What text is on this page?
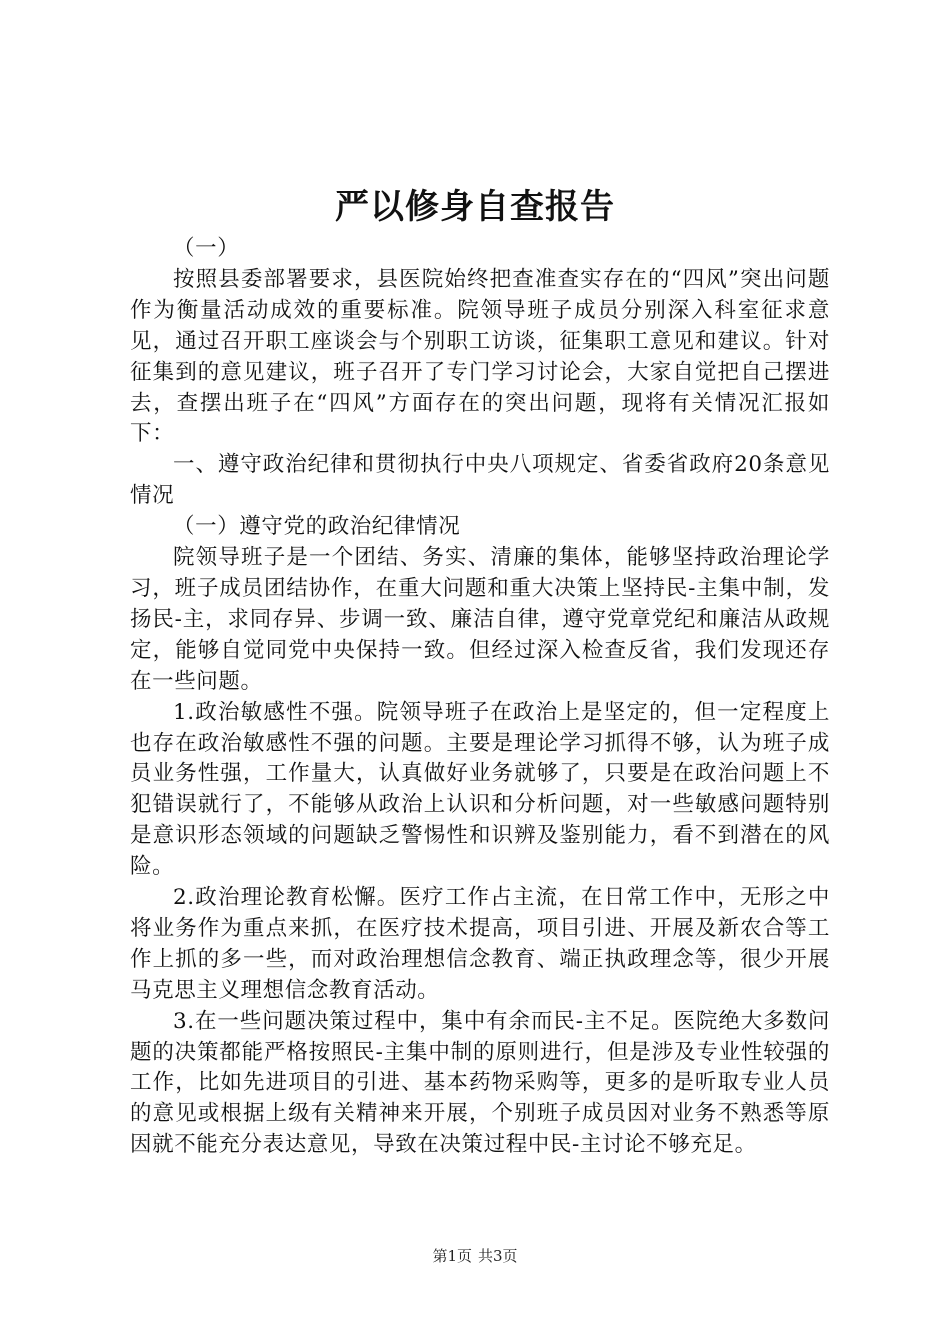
严以修身自查报告

（一）

按照县委部署要求，县医院始终把查准查实存在的“四风”突出问题作为衡量活动成效的重要标准。院领导班子成员分别深入科室征求意见，通过召开职工座谈会与个别职工访谈，征集职工意见和建议。针对征集到的意见建议，班子召开了专门学习讨论会，大家自觉把自己摆进去，查摆出班子在“四风”方面存在的突出问题，现将有关情况汇报如下：

一、遵守政治纪律和贯彻执行中央八项规定、省委省政府20条意见情况

（一）遵守党的政治纪律情况

院领导班子是一个团结、务实、清廉的集体，能够坚持政治理论学习，班子成员团结协作，在重大问题和重大决策上坚持民-主集中制，发扬民-主，求同存异、步调一致、廉洁自律，遵守党章党纪和廉洁从政规定，能够自觉同党中央保持一致。但经过深入检查反省，我们发现还存在一些问题。

1.政治敏感性不强。院领导班子在政治上是坚定的，但一定程度上也存在政治敏感性不强的问题。主要是理论学习抓得不够，认为班子成员业务性强，工作量大，认真做好业务就够了，只要是在政治问题上不犯错误就行了，不能够从政治上认识和分析问题，对一些敏感问题特别是意识形态领域的问题缺乏警惕性和识辨及鉴别能力，看不到潜在的风险。

2.政治理论教育松懈。医疗工作占主流，在日常工作中，无形之中将业务作为重点来抓，在医疗技术提高，项目引进、开展及新农合等工作上抓的多一些，而对政治理想信念教育、端正执政理念等，很少开展马克思主义理想信念教育活动。

3.在一些问题决策过程中，集中有余而民-主不足。医院绝大多数问题的决策都能严格按照民-主集中制的原则进行，但是涉及专业性较强的工作，比如先进项目的引进、基本药物采购等，更多的是听取专业人员的意见或根据上级有关精神来开展，个别班子成员因对业务不熟悉等原因就不能充分表达意见，导致在决策过程中民-主讨论不够充足。

第1页 共3页
